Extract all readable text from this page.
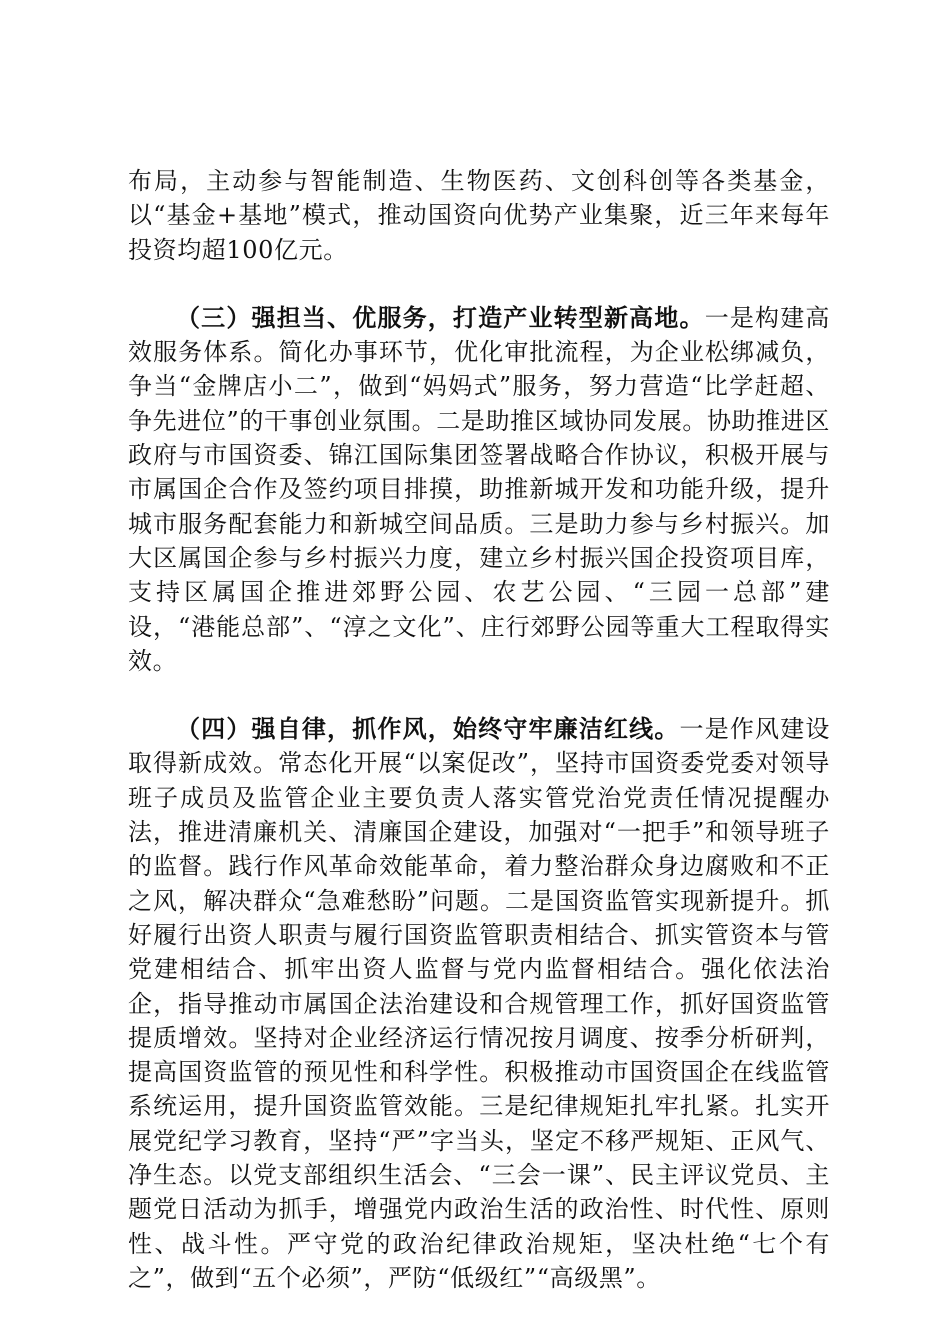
布局，主动参与智能制造、生物医药、文创科创等各类基金，以“基金+基地”模式，推动国资向优势产业集聚，近三年来每年投资均超100亿元。

（三）强担当、优服务，打造产业转型新高地。一是构建高效服务体系。简化办事环节，优化审批流程，为企业松绑减负，争当“金牌店小二”，做到“妈妈式”服务，努力营造“比学赶超、争先进位”的干事创业氛围。二是助推区域协同发展。协助推进区政府与市国资委、锦江国际集团签署战略合作协议，积极开展与市属国企合作及签约项目排摸，助推新城开发和功能升级，提升城市服务配套能力和新城空间品质。三是助力参与乡村振兴。加大区属国企参与乡村振兴力度，建立乡村振兴国企投资项目库，支持区属国企推进郊野公园、农艺公园、“三园一总部”建设，“港能总部”、“淳之文化”、庄行郊野公园等重大工程取得实效。

（四）强自律，抓作风，始终守牢廉洁红线。一是作风建设取得新成效。常态化开展“以案促改”，坚持市国资委党委对领导班子成员及监管企业主要负责人落实管党治党责任情况提醒办法，推进清廉机关、清廉国企建设，加强对“一把手”和领导班子的监督。践行作风革命效能革命，着力整治群众身边腐败和不正之风，解决群众“急难愁盼”问题。二是国资监管实现新提升。抓好履行出资人职责与履行国资监管职责相结合、抓实管资本与管党建相结合、抓牢出资人监督与党内监督相结合。强化依法治企，指导推动市属国企法治建设和合规管理工作，抓好国资监管提质增效。坚持对企业经济运行情况按月调度、按季分析研判，提高国资监管的预见性和科学性。积极推动市国资国企在线监管系统运用，提升国资监管效能。三是纪律规矩扎牢扎紧。扎实开展党纪学习教育，坚持“严”字当头，坚定不移严规矩、正风气、净生态。以党支部组织生活会、“三会一课”、民主评议党员、主题党日活动为抓手，增强党内政治生活的政治性、时代性、原则性、战斗性。严守党的政治纪律政治规矩，坚决杜绝“七个有之”，做到“五个必须”，严防“低级红”“高级黑”。
